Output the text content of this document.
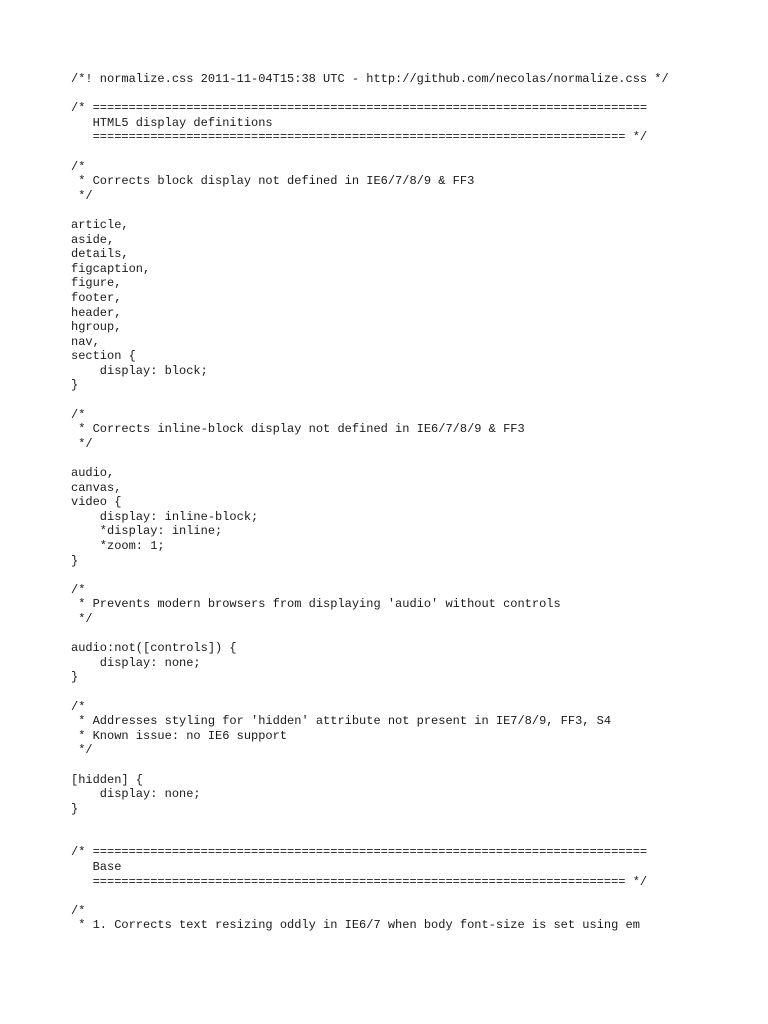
/*! normalize.css 2011-11-04T15:38 UTC - http://github.com/necolas/normalize.css */
/* =============================================================================
HTML5 display definitions
========================================================================== */
/*
* Corrects block display not defined in IE6/7/8/9 & FF3
*/
article,
aside,
details,
figcaption,
figure,
footer,
header,
hgroup,
nav,
section {
display: block;
}
/*
* Corrects inline-block display not defined in IE6/7/8/9 & FF3
*/
audio,
canvas,
video {
display: inline-block;
*display: inline;
*zoom: 1;
}
/*
* Prevents modern browsers from displaying 'audio' without controls
*/
audio:not([controls]) {
display: none;
}
/*
* Addresses styling for 'hidden' attribute not present in IE7/8/9, FF3, S4
* Known issue: no IE6 support
*/
[hidden] {
display: none;
}
/* =============================================================================
Base
========================================================================== */
/*
* 1. Corrects text resizing oddly in IE6/7 when body font-size is set using em
